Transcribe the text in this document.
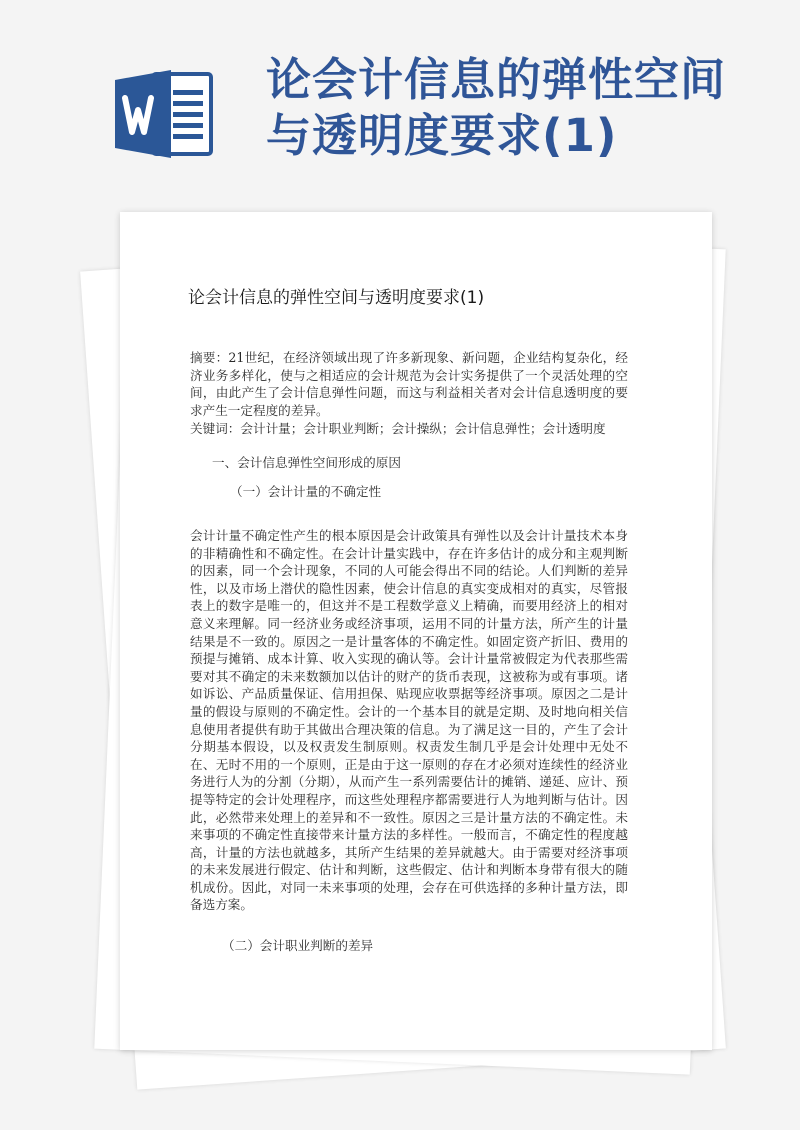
论会计信息的弹性空间
与透明度要求(1)
论会计信息的弹性空间与透明度要求(1)
摘要：21世纪，在经济领域出现了许多新现象、新问题，企业结构复杂化，经济业务多样化，使与之相适应的会计规范为会计实务提供了一个灵活处理的空间，由此产生了会计信息弹性问题，而这与利益相关者对会计信息透明度的要求产生一定程度的差异。
关键词：会计计量；会计职业判断；会计操纵；会计信息弹性；会计透明度
一、会计信息弹性空间形成的原因
（一）会计计量的不确定性
会计计量不确定性产生的根本原因是会计政策具有弹性以及会计计量技术本身的非精确性和不确定性。在会计计量实践中，存在许多估计的成分和主观判断的因素，同一个会计现象，不同的人可能会得出不同的结论。人们判断的差异性，以及市场上潜伏的隐性因素，使会计信息的真实变成相对的真实，尽管报表上的数字是唯一的，但这并不是工程数学意义上精确，而要用经济上的相对意义来理解。同一经济业务或经济事项，运用不同的计量方法，所产生的计量结果是不一致的。原因之一是计量客体的不确定性。如固定资产折旧、费用的预提与摊销、成本计算、收入实现的确认等。会计计量常被假定为代表那些需要对其不确定的未来数额加以估计的财产的货币表现，这被称为或有事项。诸如诉讼、产品质量保证、信用担保、贴现应收票据等经济事项。原因之二是计量的假设与原则的不确定性。会计的一个基本目的就是定期、及时地向相关信息使用者提供有助于其做出合理决策的信息。为了满足这一目的，产生了会计分期基本假设，以及权责发生制原则。权责发生制几乎是会计处理中无处不在、无时不用的一个原则，正是由于这一原则的存在才必须对连续性的经济业务进行人为的分割（分期），从而产生一系列需要估计的摊销、递延、应计、预提等特定的会计处理程序，而这些处理程序都需要进行人为地判断与估计。因此，必然带来处理上的差异和不一致性。原因之三是计量方法的不确定性。未来事项的不确定性直接带来计量方法的多样性。一般而言，不确定性的程度越高，计量的方法也就越多，其所产生结果的差异就越大。由于需要对经济事项的未来发展进行假定、估计和判断，这些假定、估计和判断本身带有很大的随机成份。因此，对同一未来事项的处理，会存在可供选择的多种计量方法，即备选方案。
（二）会计职业判断的差异
